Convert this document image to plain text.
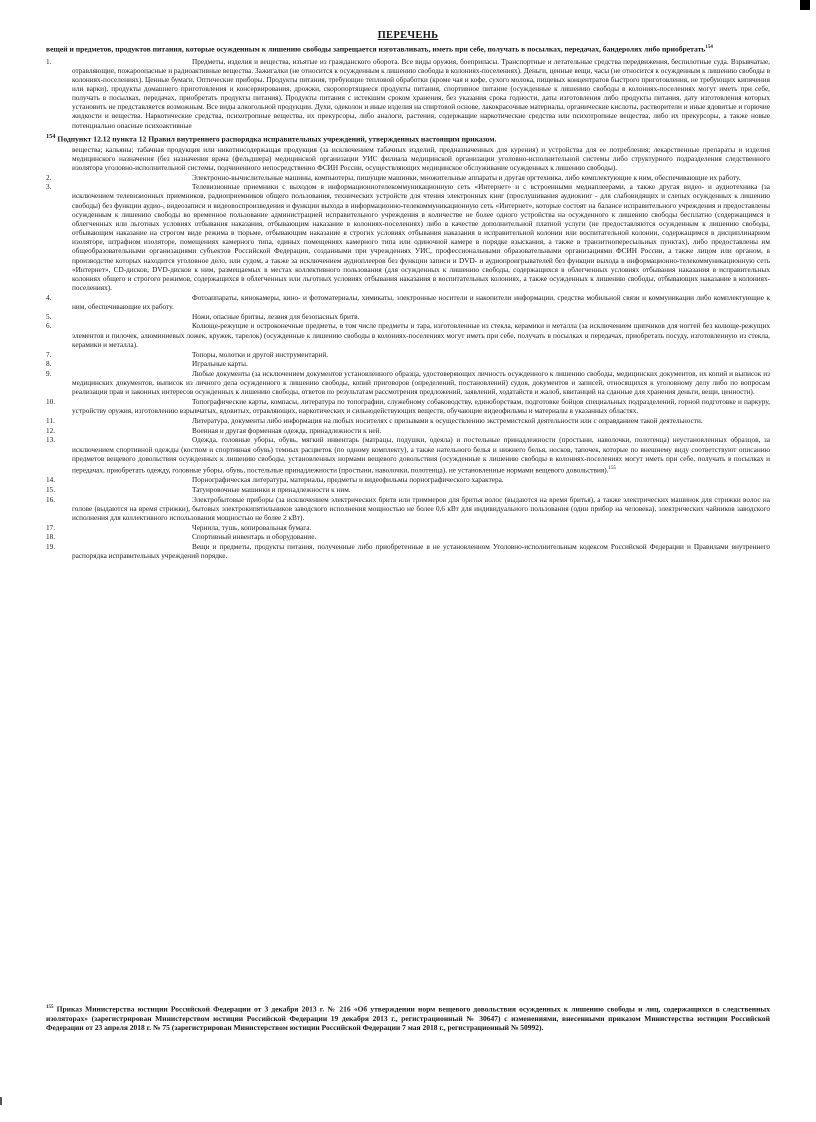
ПЕРЕЧЕНЬ
вещей и предметов, продуктов питания, которые осужденным к лишению свободы запрещается изготавливать, иметь при себе, получать в посылках, передачах, бандеролях либо приобретать$^{154}$
1.	Предметы, изделия и вещества, изъятые из гражданского оборота. Все виды оружия, боеприпасы. Транспортные и летательные средства передвижения, беспилотные суда. Взрывчатые, отравляющие, пожароопасные и радиоактивные вещества. Зажигалки (не относится к осужденным к лишению свободы в колониях-поселениях). Деньги, ценные вещи, часы (не относится к осужденным к лишению свободы в колониях-поселениях). Ценные бумаги. Оптические приборы. Продукты питания, требующие тепловой обработки (кроме чая и кофе, сухого молока, пищевых концентратов быстрого приготовления, не требующих кипячения или варки), продукты домашнего приготовления и консервирования, дрожжи, скоропортящиеся продукты питания, спортивное питание (осужденные к лишению свободы в колониях-поселениях могут иметь при себе, получать в посылках, передачах, приобретать продукты питания). Продукты питания с истекшим сроком хранения, без указания срока годности, даты изготовления либо продукты питания, дату изготовления которых установить не представляется возможным. Все виды алкогольной продукции. Духи, одеколон и иные изделия на спиртовой основе, лакокрасочные материалы, органические кислоты, растворители и иные ядовитые и горючие жидкости и вещества. Наркотические средства, психотропные вещества, их прекурсоры, либо аналоги, растения, содержащие наркотические средства или психотропные вещества, либо их прекурсоры, а также новые потенциально опасные психоактивные
$^{154}$ Подпункт 12.12 пункта 12 Правил внутреннего распорядка исправительных учреждений, утвержденных настоящим приказом.
вещества; кальяны; табачная продукция или никотинсодержащая продукция (за исключением табачных изделий, предназначенных для курения) и устройства для ее потребления; лекарственные препараты и изделия медицинского назначения (без назначения врача (фельдшера) медицинской организации УИС филиала медицинской организации уголовно-исполнительной системы либо структурного подразделения следственного изолятора уголовно-исполнительной системы, подчиненного непосредственно ФСИН России, осуществляющих медицинское обслуживание осужденных к лишению свободы).
2.	Электронно-вычислительные машины, компьютеры, пишущие машинки, множительные аппараты и другая оргтехника, либо комплектующие к ним, обеспечивающие их работу.
3.	Телевизионные приемники с выходом в информационнотелекоммуникационную сеть «Интернет» и с встроенными медиаплеерами, а также другая видео- и аудиотехника (за исключением телевизионных приемников, радиоприемников общего пользования, технических устройств для чтения электронных книг (прослушивания аудиокниг - для слабовидящих и слепых осужденных к лишению свободы) без функции аудио-, видеозаписи и видеовоспроизведения и функции выхода в информационно-телекоммуникационную сеть «Интернет», которые состоят на балансе исправительного учреждения и предоставлены осужденным к лишению свободы во временное пользование администрацией исправительного учреждения в количестве не более одного устройства на осужденного к лишению свободы бесплатно (содержащимся в облегченных или льготных условиях отбывания наказания, отбывающим наказание в колониях-поселениях) либо в качестве дополнительной платной услуги (не предоставляются осужденным к лишению свободы, отбывающим наказание на строгом виде режима в тюрьме, отбывающим наказание в строгих условиях отбывания наказания в исправительной колонии или воспитательной колонии, содержащимся в дисциплинарном изоляторе, штрафном изоляторе, помещениях камерного типа, единых помещениях камерного типа или одиночной камере в порядке взыскания, а также в транзитнопересыльных пунктах), либо предоставлены им общеобразовательными организациями субъектов Российской Федерации, созданными при учреждениях УИС, профессиональными образовательными организациями ФСИН России, а также лицом или органом, в производстве которых находится уголовное дело, или судом, а также за исключением аудиоплееров без функции записи и DVD- и аудиопроигрывателей без функции выхода в информационно-телекоммуникационную сеть «Интернет», CD-дисков, DVD-дисков к ним, размещаемых в местах коллективного пользования (для осужденных к лишению свободы, содержащихся в облегченных условиях отбывания наказания в исправительных колониях общего и строгого режимов, содержащихся в облегченных или льготных условиях отбывания наказания в воспитательных колониях, а также осужденных к лишению свободы, отбывающих наказание в колониях-поселениях).
4.	Фотоаппараты, кинокамеры, кино- и фотоматериалы, химикаты, электронные носители и накопители информации, средства мобильной связи и коммуникации либо комплектующие к ним, обеспечивающие их работу.
5.	Ножи, опасные бритвы, лезвия для безопасных бритв.
6.	Колюще-режущие и остроконечные предметы, в том числе предметы и тара, изготовленные из стекла, керамики и металла (за исключением щипчиков для ногтей без колюще-режущих элементов и пилочек, алюминиевых ложек, кружек, тарелок) (осужденные к лишению свободы в колониях-поселениях могут иметь при себе, получать в посылках и передачах, приобретать посуду, изготовленную из стекла, керамики и металла).
7.	Топоры, молотки и другой инструментарий.
8.	Игральные карты.
9.	Любые документы (за исключением документов установленного образца, удостоверяющих личность осужденного к лишению свободы, медицинских документов, их копий и выписок из медицинских документов, выписок из личного дела осужденного к лишению свободы, копий приговоров (определений, постановлений) судов, документов и записей, относящихся к уголовному делу либо по вопросам реализации прав и законных интересов осужденных к лишению свободы, ответов по результатам рассмотрения предложений, заявлений, ходатайств и жалоб, квитанций на сданные для хранения деньги, вещи, ценности).
10.	Топографические карты, компасы, литература по топографии, служебному собаководству, единоборствам, подготовке бойцов специальных подразделений, горной подготовке и паркуру, устройству оружия, изготовлению взрывчатых, ядовитых, отравляющих, наркотических и сильнодействующих веществ, обучающие видеофильмы и материалы в указанных областях.
11.	Литература, документы либо информация на любых носителях с призывами к осуществлению экстремистской деятельности или с оправданием такой деятельности.
12.	Военная и другая форменная одежда, принадлежности к ней.
13.	Одежда, головные уборы, обувь, мягкий инвентарь (матрацы, подушки, одеяла) и постельные принадлежности (простыни, наволочки, полотенца) неустановленных образцов, за исключением спортивной одежды (костюм и спортивная обувь) темных расцветок (по одному комплекту), а также нательного белья и нижнего белья, носков, тапочек, которые по внешнему виду соответствуют описанию предметов вещевого довольствия осужденных к лишению свободы, установленных нормами вещевого довольствия (осужденные к лишению свободы в колониях-поселениях могут иметь при себе, получать в посылках и передачах, приобретать одежду, головные уборы, обувь, постельные принадлежности (простыни, наволочки, полотенца), не установленные нормами вещевого довольствия).$^{155}$
14.	Порнографическая литература, материалы, предметы и видеофильмы порнографического характера.
15.	Татуировочные машинки и принадлежности к ним.
16.	Электробытовые приборы (за исключением электрических бритв или триммеров для бритья волос (выдаются на время бритья), а также электрических машинок для стрижки волос на голове (выдаются на время стрижки), бытовых электрокипятильников заводского исполнения мощностью не более 0,6 кВт для индивидуального пользования (один прибор на человека), электрических чайников заводского исполнения для коллективного использования мощностью не более 2 кВт).
17.	Чернила, тушь, копировальная бумага.
18.	Спортивный инвентарь и оборудование.
19.	Вещи и предметы, продукты питания, полученные либо приобретенные в не установленном Уголовно-исполнительным кодексом Российской Федерации и Правилами внутреннего распорядка исправительных учреждений порядке.
$^{155}$ Приказ Министерства юстиции Российской Федерации от 3 декабря 2013 г. № 216 «Об утверждении норм вещевого довольствия осужденных к лишению свободы и лиц, содержащихся в следственных изоляторах» (зарегистрирован Министерством юстиции Российской Федерации 19 декабря 2013 г., регистрационный № 30647) с изменениями, внесенными приказом Министерства юстиции Российской Федерации от 23 апреля 2018 г. № 75 (зарегистрирован Министерством юстиции Российской Федерации 7 мая 2018 г., регистрационный № 50992).
